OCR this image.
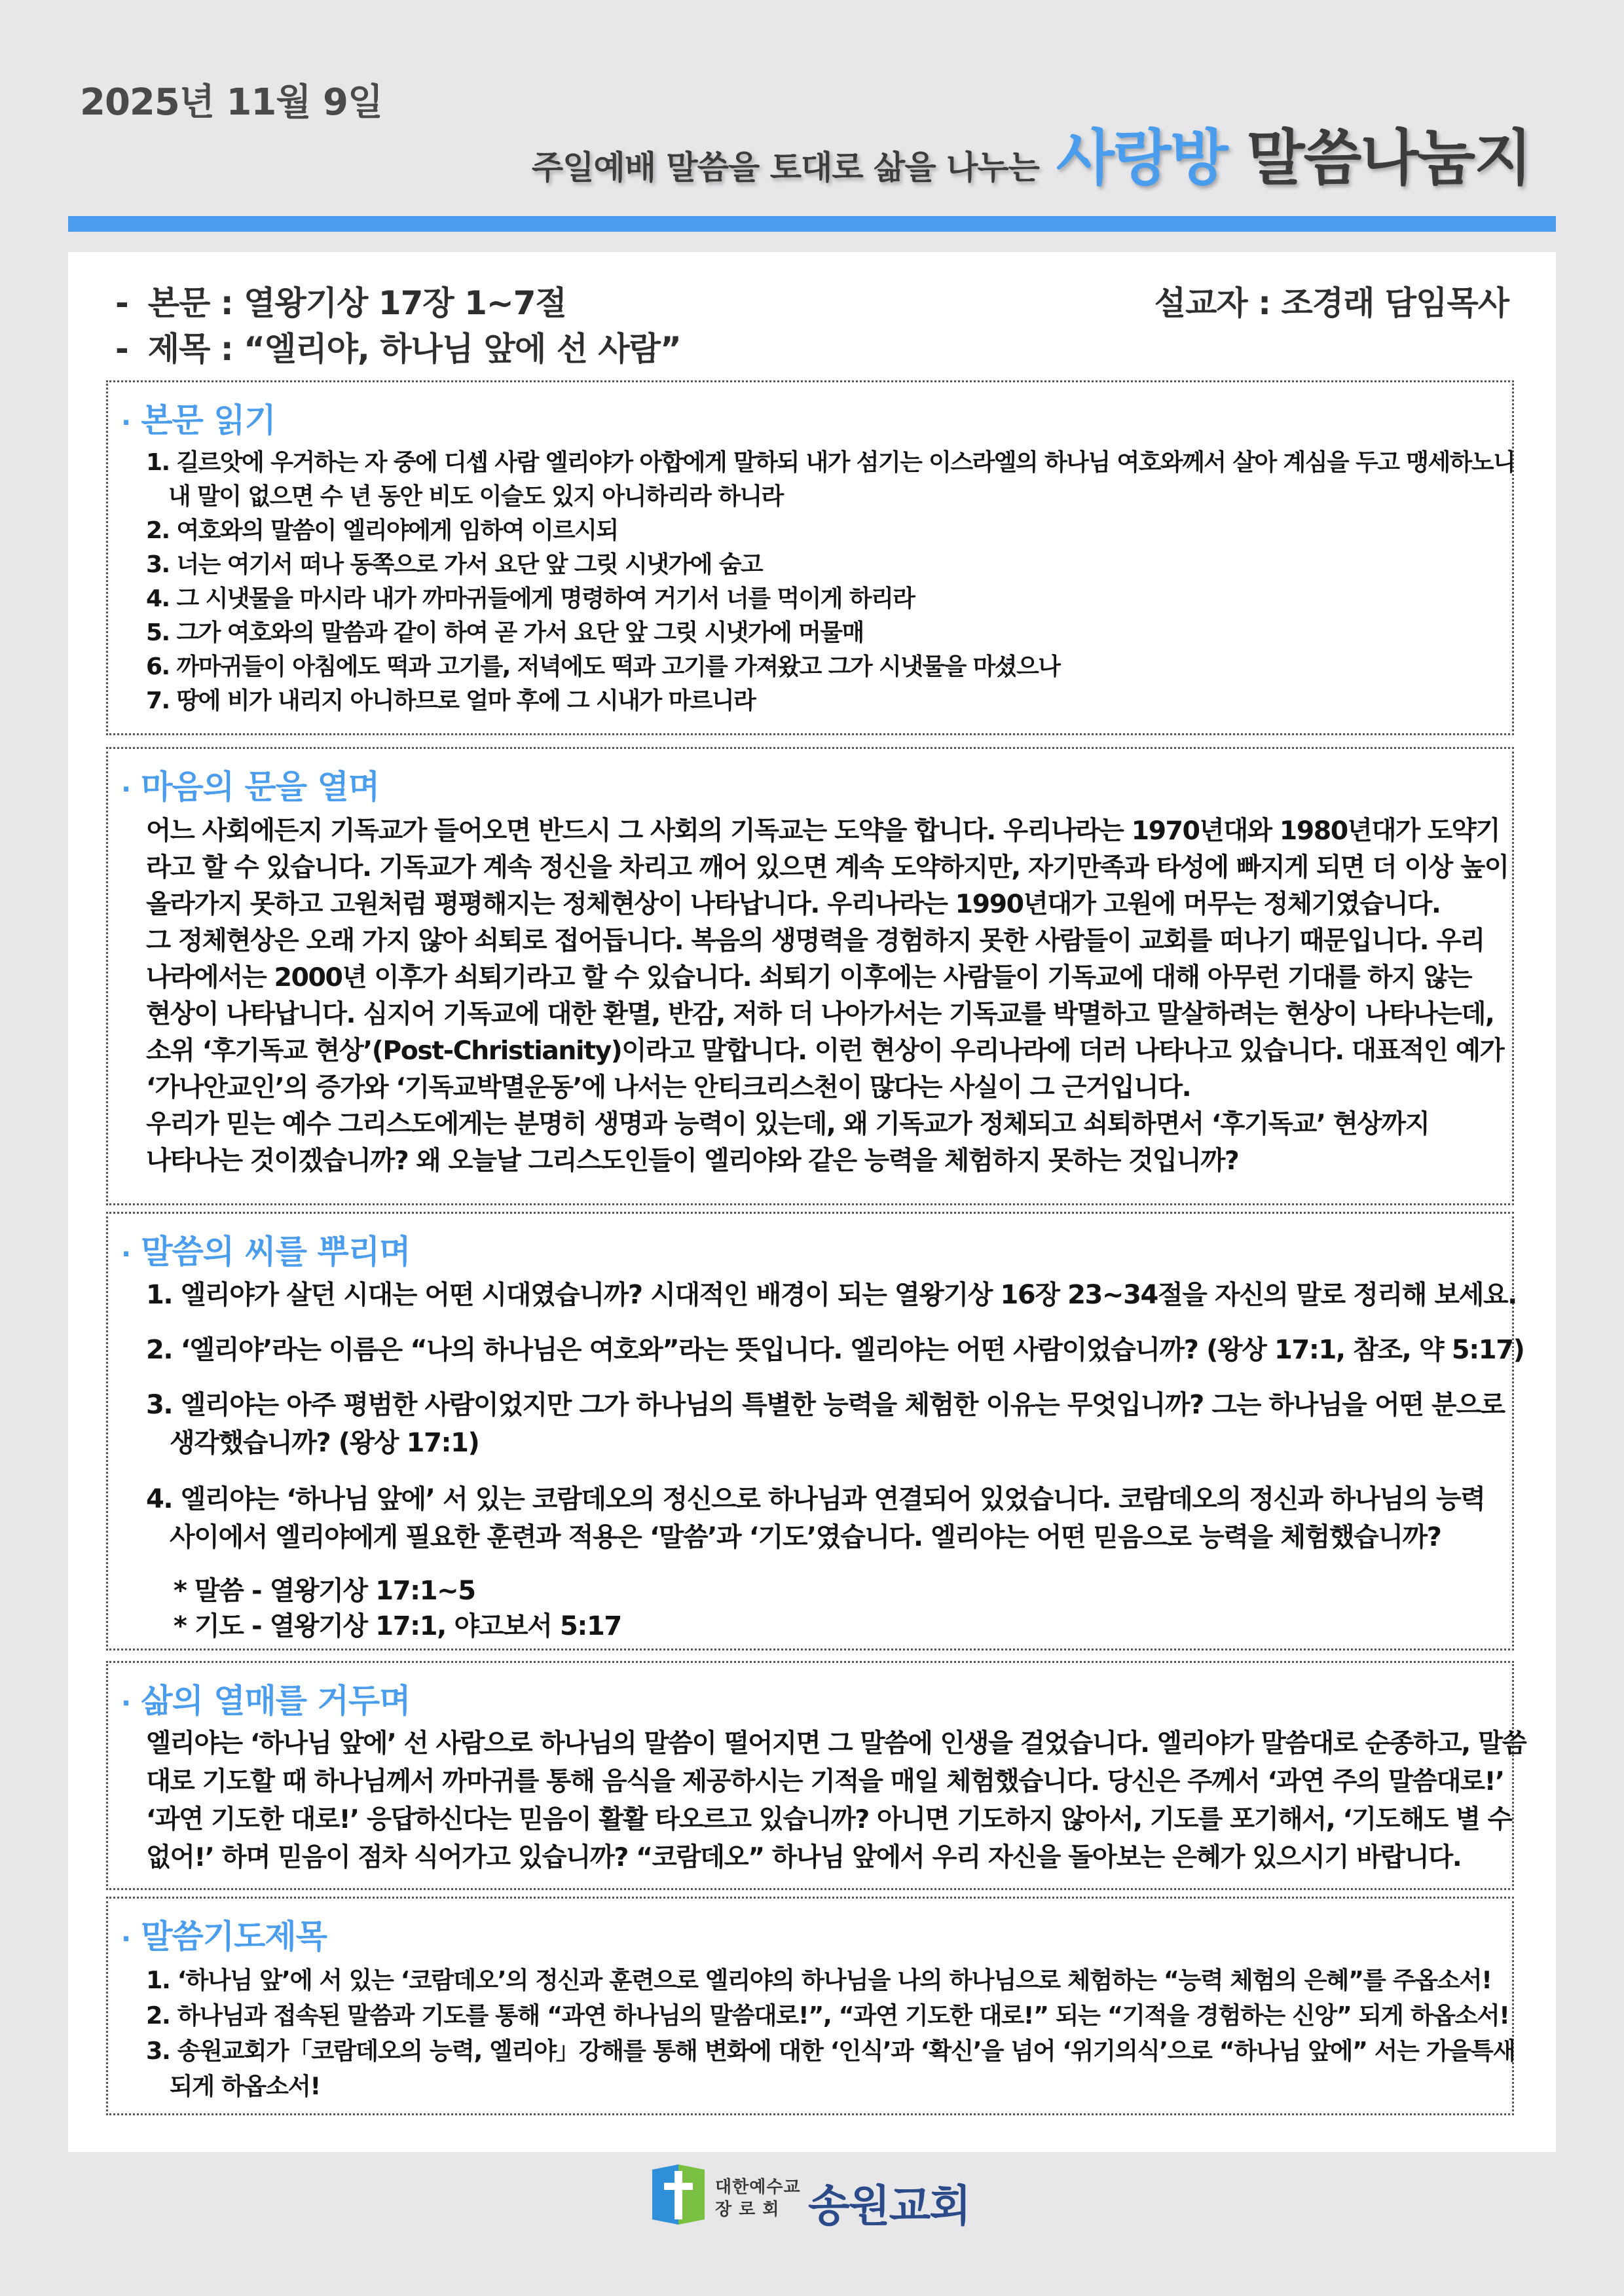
2025년 11월 9일
주일예배 말씀을 토대로 삶을 나누는 사랑방 말씀나눔지
- 본문 : 열왕기상 17장 1~7절
- 제목 : “엘리야, 하나님 앞에 선 사람”
설교자 : 조경래 담임목사
· 본문 읽기
1. 길르앗에 우거하는 자 중에 디셉 사람 엘리야가 아합에게 말하되 내가 섬기는 이스라엘의 하나님 여호와께서 살아 계심을 두고 맹세하노니
내 말이 없으면 수 년 동안 비도 이슬도 있지 아니하리라 하니라
2. 여호와의 말씀이 엘리야에게 임하여 이르시되
3. 너는 여기서 떠나 동쪽으로 가서 요단 앞 그릿 시냇가에 숨고
4. 그 시냇물을 마시라 내가 까마귀들에게 명령하여 거기서 너를 먹이게 하리라
5. 그가 여호와의 말씀과 같이 하여 곧 가서 요단 앞 그릿 시냇가에 머물매
6. 까마귀들이 아침에도 떡과 고기를, 저녁에도 떡과 고기를 가져왔고 그가 시냇물을 마셨으나
7. 땅에 비가 내리지 아니하므로 얼마 후에 그 시내가 마르니라
· 마음의 문을 열며
어느 사회에든지 기독교가 들어오면 반드시 그 사회의 기독교는 도약을 합니다. 우리나라는 1970년대와 1980년대가 도약기
라고 할 수 있습니다. 기독교가 계속 정신을 차리고 깨어 있으면 계속 도약하지만, 자기만족과 타성에 빠지게 되면 더 이상 높이
올라가지 못하고 고원처럼 평평해지는 정체현상이 나타납니다. 우리나라는 1990년대가 고원에 머무는 정체기였습니다.
그 정체현상은 오래 가지 않아 쇠퇴로 접어듭니다. 복음의 생명력을 경험하지 못한 사람들이 교회를 떠나기 때문입니다. 우리
나라에서는 2000년 이후가 쇠퇴기라고 할 수 있습니다. 쇠퇴기 이후에는 사람들이 기독교에 대해 아무런 기대를 하지 않는
현상이 나타납니다. 심지어 기독교에 대한 환멸, 반감, 저하 더 나아가서는 기독교를 박멸하고 말살하려는 현상이 나타나는데,
소위 ‘후기독교 현상’(Post-Christianity)이라고 말합니다. 이런 현상이 우리나라에 더러 나타나고 있습니다. 대표적인 예가
‘가나안교인’의 증가와 ‘기독교박멸운동’에 나서는 안티크리스천이 많다는 사실이 그 근거입니다.
우리가 믿는 예수 그리스도에게는 분명히 생명과 능력이 있는데, 왜 기독교가 정체되고 쇠퇴하면서 ‘후기독교’ 현상까지
나타나는 것이겠습니까? 왜 오늘날 그리스도인들이 엘리야와 같은 능력을 체험하지 못하는 것입니까?
· 말씀의 씨를 뿌리며
1. 엘리야가 살던 시대는 어떤 시대였습니까? 시대적인 배경이 되는 열왕기상 16장 23~34절을 자신의 말로 정리해 보세요.
2. ‘엘리야’라는 이름은 “나의 하나님은 여호와”라는 뜻입니다. 엘리야는 어떤 사람이었습니까? (왕상 17:1, 참조, 약 5:17)
3. 엘리야는 아주 평범한 사람이었지만 그가 하나님의 특별한 능력을 체험한 이유는 무엇입니까? 그는 하나님을 어떤 분으로
생각했습니까? (왕상 17:1)
4. 엘리야는 ‘하나님 앞에’ 서 있는 코람데오의 정신으로 하나님과 연결되어 있었습니다. 코람데오의 정신과 하나님의 능력
사이에서 엘리야에게 필요한 훈련과 적용은 ‘말씀’과 ‘기도’였습니다. 엘리야는 어떤 믿음으로 능력을 체험했습니까?
* 말씀 - 열왕기상 17:1~5
* 기도 - 열왕기상 17:1, 야고보서 5:17
· 삶의 열매를 거두며
엘리야는 ‘하나님 앞에’ 선 사람으로 하나님의 말씀이 떨어지면 그 말씀에 인생을 걸었습니다. 엘리야가 말씀대로 순종하고, 말씀
대로 기도할 때 하나님께서 까마귀를 통해 음식을 제공하시는 기적을 매일 체험했습니다. 당신은 주께서 ‘과연 주의 말씀대로!’
‘과연 기도한 대로!’ 응답하신다는 믿음이 활활 타오르고 있습니까? 아니면 기도하지 않아서, 기도를 포기해서, ‘기도해도 별 수
없어!’ 하며 믿음이 점차 식어가고 있습니까? “코람데오” 하나님 앞에서 우리 자신을 돌아보는 은혜가 있으시기 바랍니다.
· 말씀기도제목
1. ‘하나님 앞’에 서 있는 ‘코람데오’의 정신과 훈련으로 엘리야의 하나님을 나의 하나님으로 체험하는 “능력 체험의 은혜”를 주옵소서!
2. 하나님과 접속된 말씀과 기도를 통해 “과연 하나님의 말씀대로!”, “과연 기도한 대로!” 되는 “기적을 경험하는 신앙” 되게 하옵소서!
3. 송원교회가「코람데오의 능력, 엘리야」강해를 통해 변화에 대한 ‘인식’과 ‘확신’을 넘어 ‘위기의식’으로 “하나님 앞에” 서는 가을특새
되게 하옵소서!
대한예수교
장 로 회 송원교회
